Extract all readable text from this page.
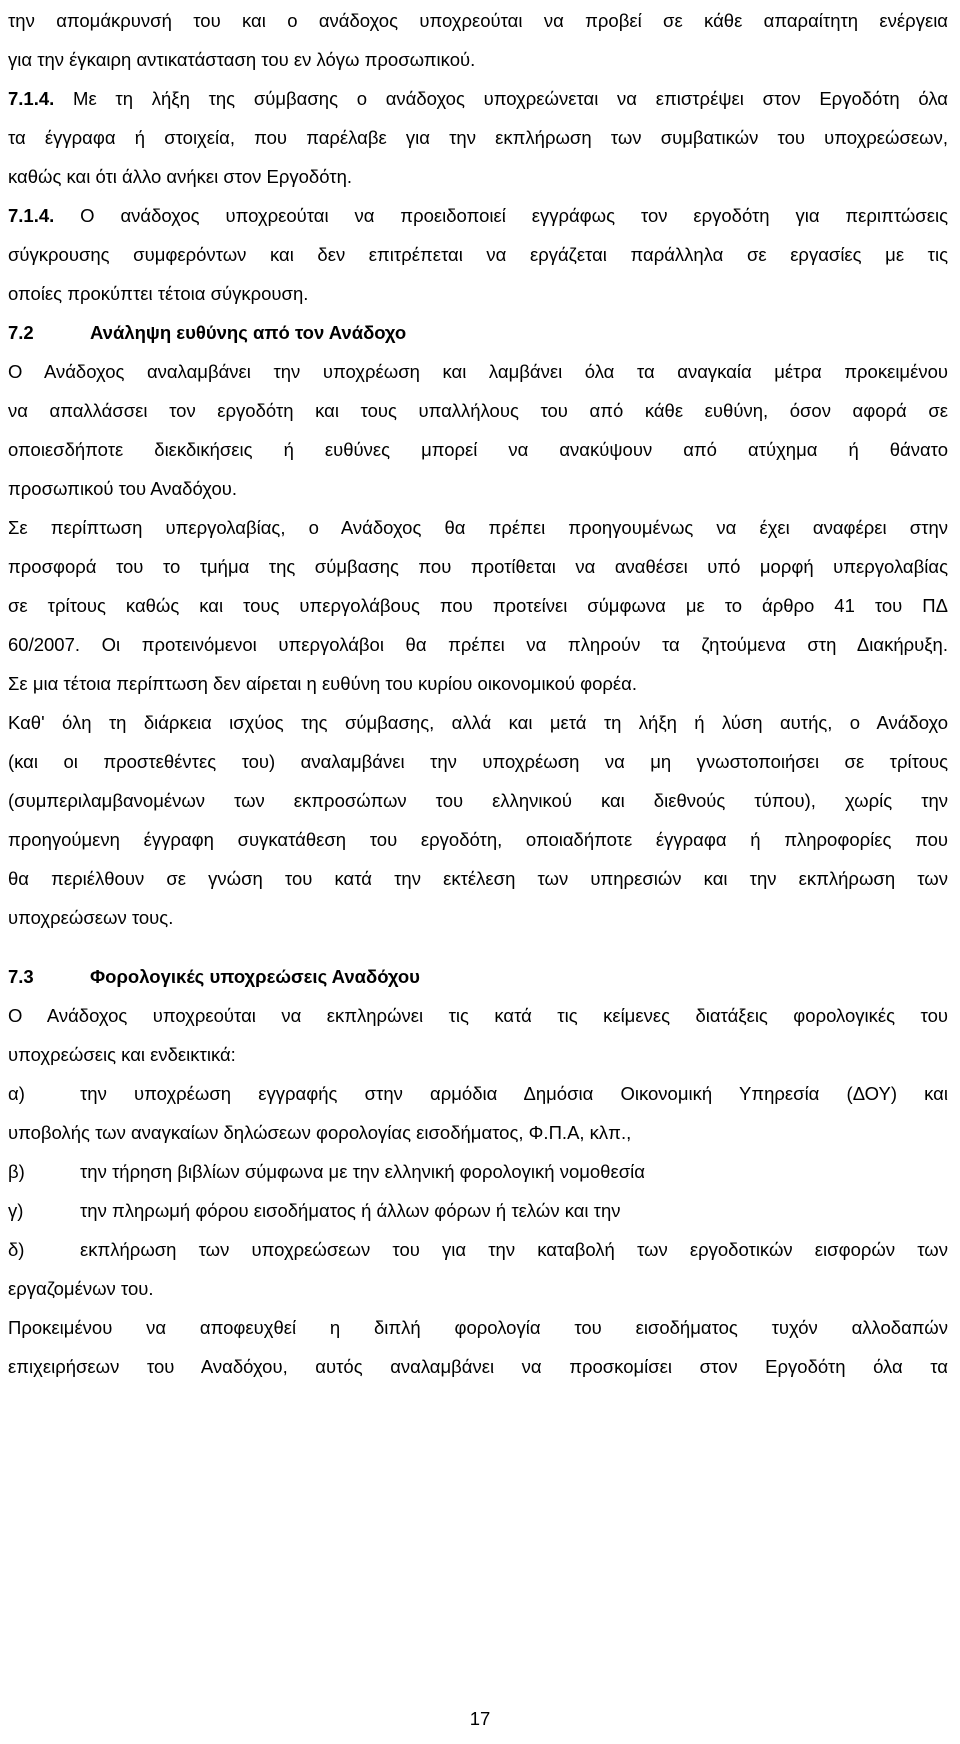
την απομάκρυνσή του και ο ανάδοχος υποχρεούται να προβεί σε κάθε απαραίτητη ενέργεια

για την έγκαιρη αντικατάσταση του εν λόγω προσωπικού.

7.1.4. Με τη λήξη της σύμβασης ο ανάδοχος υποχρεώνεται να επιστρέψει στον Εργοδότη όλα

τα έγγραφα ή στοιχεία, που παρέλαβε για την εκπλήρωση των συμβατικών του υποχρεώσεων,

καθώς και ότι άλλο ανήκει στον Εργοδότη.

7.1.4. Ο ανάδοχος υποχρεούται να προειδοποιεί εγγράφως τον εργοδότη για περιπτώσεις

σύγκρουσης συμφερόντων και δεν επιτρέπεται να εργάζεται παράλληλα σε εργασίες με τις

οποίες προκύπτει τέτοια σύγκρουση.

7.2	Ανάληψη ευθύνης από τον Ανάδοχο

Ο Ανάδοχος αναλαμβάνει την υποχρέωση και λαμβάνει όλα τα αναγκαία μέτρα προκειμένου

να απαλλάσσει τον εργοδότη και τους υπαλλήλους του από κάθε ευθύνη, όσον αφορά σε

οποιεσδήποτε διεκδικήσεις ή ευθύνες μπορεί να ανακύψουν από ατύχημα ή θάνατο

προσωπικού του Αναδόχου.

Σε περίπτωση υπεργολαβίας, ο Ανάδοχος θα πρέπει προηγουμένως να έχει αναφέρει στην

προσφορά του το τμήμα της σύμβασης που προτίθεται να αναθέσει υπό μορφή υπεργολαβίας

σε τρίτους καθώς και τους υπεργολάβους που προτείνει σύμφωνα με το άρθρο 41 του ΠΔ

60/2007. Οι προτεινόμενοι υπεργολάβοι θα πρέπει να πληρούν τα ζητούμενα στη Διακήρυξη.

Σε μια τέτοια περίπτωση δεν αίρεται η ευθύνη του κυρίου οικονομικού φορέα.

Καθ' όλη τη διάρκεια ισχύος της σύμβασης, αλλά και μετά τη λήξη ή λύση αυτής, ο Ανάδοχο

(και οι προστεθέντες του) αναλαμβάνει την υποχρέωση να μη γνωστοποιήσει σε τρίτους

(συμπεριλαμβανομένων των εκπροσώπων του ελληνικού και διεθνούς τύπου), χωρίς την

προηγούμενη έγγραφη συγκατάθεση του εργοδότη, οποιαδήποτε έγγραφα ή πληροφορίες που

θα περιέλθουν σε γνώση του κατά την εκτέλεση των υπηρεσιών και την εκπλήρωση των

υποχρεώσεων τους.

7.3	Φορολογικές υποχρεώσεις Αναδόχου

Ο Ανάδοχος υποχρεούται να εκπληρώνει τις κατά τις κείμενες διατάξεις φορολογικές του

υποχρεώσεις και ενδεικτικά:

α)	την υποχρέωση εγγραφής στην αρμόδια Δημόσια Οικονομική Υπηρεσία (ΔΟΥ) και

υποβολής των αναγκαίων δηλώσεων φορολογίας εισοδήματος, Φ.Π.Α, κλπ.,

β)	την τήρηση βιβλίων σύμφωνα με την ελληνική φορολογική νομοθεσία
γ)	την πληρωμή φόρου εισοδήματος ή άλλων φόρων ή τελών και την
δ)	εκπλήρωση των υποχρεώσεων του για την καταβολή των εργοδοτικών εισφορών των

εργαζομένων του.

Προκειμένου να αποφευχθεί η διπλή φορολογία του εισοδήματος τυχόν αλλοδαπών

επιχειρήσεων του Αναδόχου, αυτός αναλαμβάνει να προσκομίσει στον Εργοδότη όλα τα

17
